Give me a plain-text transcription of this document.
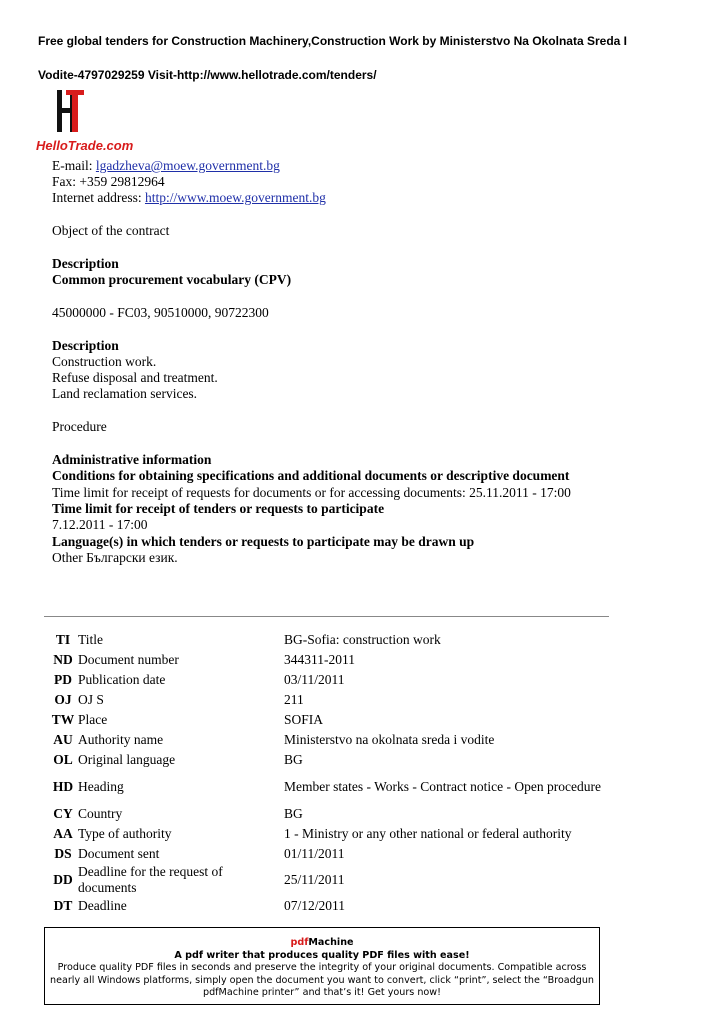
Free global tenders for Construction Machinery,Construction Work by Ministerstvo Na Okolnata Sreda I
Vodite-4797029259 Visit-http://www.hellotrade.com/tenders/
HelloTrade.com
E-mail: lgadzheva@moew.government.bg
Fax: +359 29812964
Internet address: http://www.moew.government.bg
Object of the contract
Description
Common procurement vocabulary (CPV)
45000000 - FC03, 90510000, 90722300
Description
Construction work.
Refuse disposal and treatment.
Land reclamation services.
Procedure
Administrative information
Conditions for obtaining specifications and additional documents or descriptive document
Time limit for receipt of requests for documents or for accessing documents: 25.11.2011 - 17:00
Time limit for receipt of tenders or requests to participate
7.12.2011 - 17:00
Language(s) in which tenders or requests to participate may be drawn up
Other Български език.
TI	Title	BG-Sofia: construction work
ND	Document number	344311-2011
PD	Publication date	03/11/2011
OJ	OJ S	211
TW	Place	SOFIA
AU	Authority name	Ministerstvo na okolnata sreda i vodite
OL	Original language	BG
HD	Heading	Member states - Works - Contract notice - Open procedure
CY	Country	BG
AA	Type of authority	1 - Ministry or any other national or federal authority
DS	Document sent	01/11/2011
DD	Deadline for the request of documents	25/11/2011
DT	Deadline	07/12/2011
pdfMachine
A pdf writer that produces quality PDF files with ease!
Produce quality PDF files in seconds and preserve the integrity of your original documents. Compatible across nearly all Windows platforms, simply open the document you want to convert, click “print”, select the “Broadgun pdfMachine printer” and that’s it! Get yours now!
